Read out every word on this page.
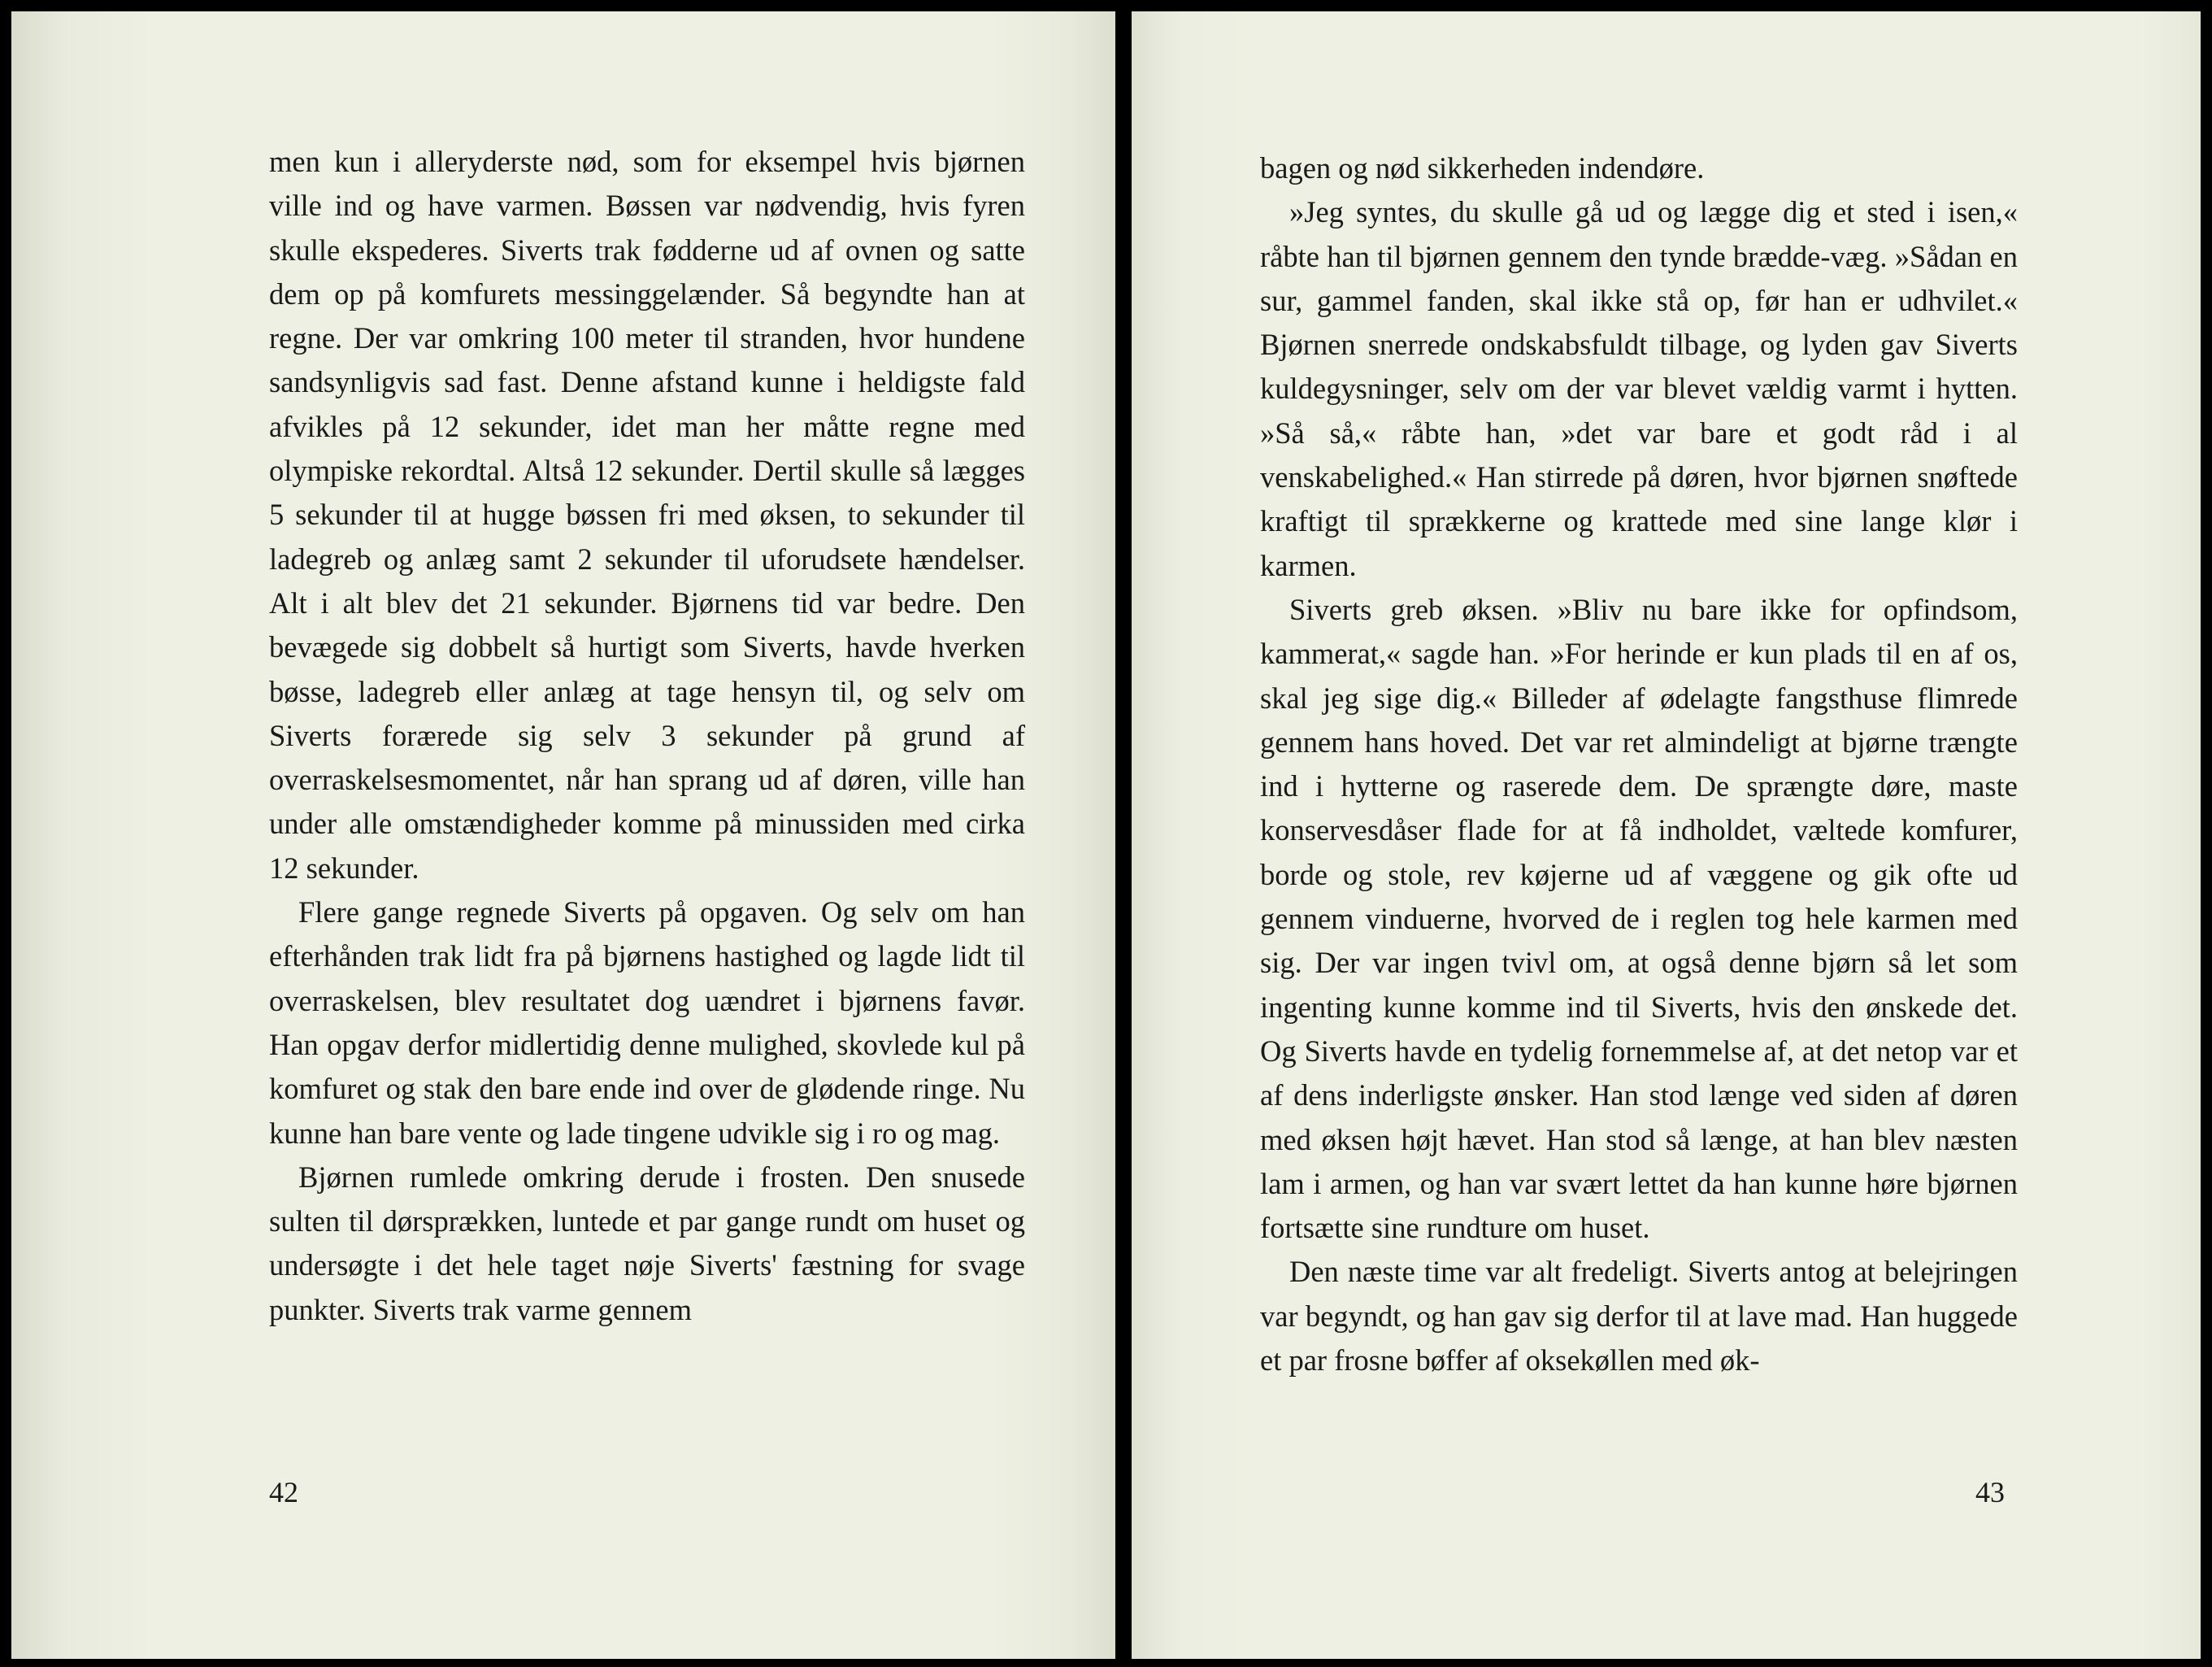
men kun i alleryderste nød, som for eksempel hvis bjørnen ville ind og have varmen. Bøssen var nødvendig, hvis fyren skulle ekspederes. Siverts trak fødderne ud af ovnen og satte dem op på komfurets messinggelænder. Så begyndte han at regne. Der var omkring 100 meter til stranden, hvor hundene sandsynligvis sad fast. Denne afstand kunne i heldigste fald afvikles på 12 sekunder, idet man her måtte regne med olympiske rekordtal. Altså 12 sekunder. Dertil skulle så lægges 5 sekunder til at hugge bøssen fri med øksen, to sekunder til ladegreb og anlæg samt 2 sekunder til uforudsete hændelser. Alt i alt blev det 21 sekunder. Bjørnens tid var bedre. Den bevægede sig dobbelt så hurtigt som Siverts, havde hverken bøsse, ladegreb eller anlæg at tage hensyn til, og selv om Siverts forærede sig selv 3 sekunder på grund af overraskelsesmomentet, når han sprang ud af døren, ville han under alle omstændigheder komme på minussiden med cirka 12 sekunder.

Flere gange regnede Siverts på opgaven. Og selv om han efterhånden trak lidt fra på bjørnens hastighed og lagde lidt til overraskelsen, blev resultatet dog uændret i bjørnens favør. Han opgav derfor midlertidig denne mulighed, skovlede kul på komfuret og stak den bare ende ind over de glødende ringe. Nu kunne han bare vente og lade tingene udvikle sig i ro og mag.

Bjørnen rumlede omkring derude i frosten. Den snusede sulten til dørsprækken, luntede et par gange rundt om huset og undersøgte i det hele taget nøje Siverts' fæstning for svage punkter. Siverts trak varme gennem

42

bagen og nød sikkerheden indendøre.

»Jeg syntes, du skulle gå ud og lægge dig et sted i isen,« råbte han til bjørnen gennem den tynde brædde-væg. »Sådan en sur, gammel fanden, skal ikke stå op, før han er udhvilet.« Bjørnen snerrede ondskabsfuldt tilbage, og lyden gav Siverts kuldegysninger, selv om der var blevet vældig varmt i hytten. »Så så,« råbte han, »det var bare et godt råd i al venskabelighed.« Han stirrede på døren, hvor bjørnen snøftede kraftigt til sprækkerne og krattede med sine lange klør i karmen.

Siverts greb øksen. »Bliv nu bare ikke for opfindsom, kammerat,« sagde han. »For herinde er kun plads til en af os, skal jeg sige dig.« Billeder af ødelagte fangsthuse flimrede gennem hans hoved. Det var ret almindeligt at bjørne trængte ind i hytterne og raserede dem. De sprængte døre, maste konservesdåser flade for at få indholdet, væltede komfurer, borde og stole, rev køjerne ud af væggene og gik ofte ud gennem vinduerne, hvorved de i reglen tog hele karmen med sig. Der var ingen tvivl om, at også denne bjørn så let som ingenting kunne komme ind til Siverts, hvis den ønskede det. Og Siverts havde en tydelig fornemmelse af, at det netop var et af dens inderligste ønsker. Han stod længe ved siden af døren med øksen højt hævet. Han stod så længe, at han blev næsten lam i armen, og han var svært lettet da han kunne høre bjørnen fortsætte sine rundture om huset.

Den næste time var alt fredeligt. Siverts antog at belejringen var begyndt, og han gav sig derfor til at lave mad. Han huggede et par frosne bøffer af oksekøllen med øk-

43
